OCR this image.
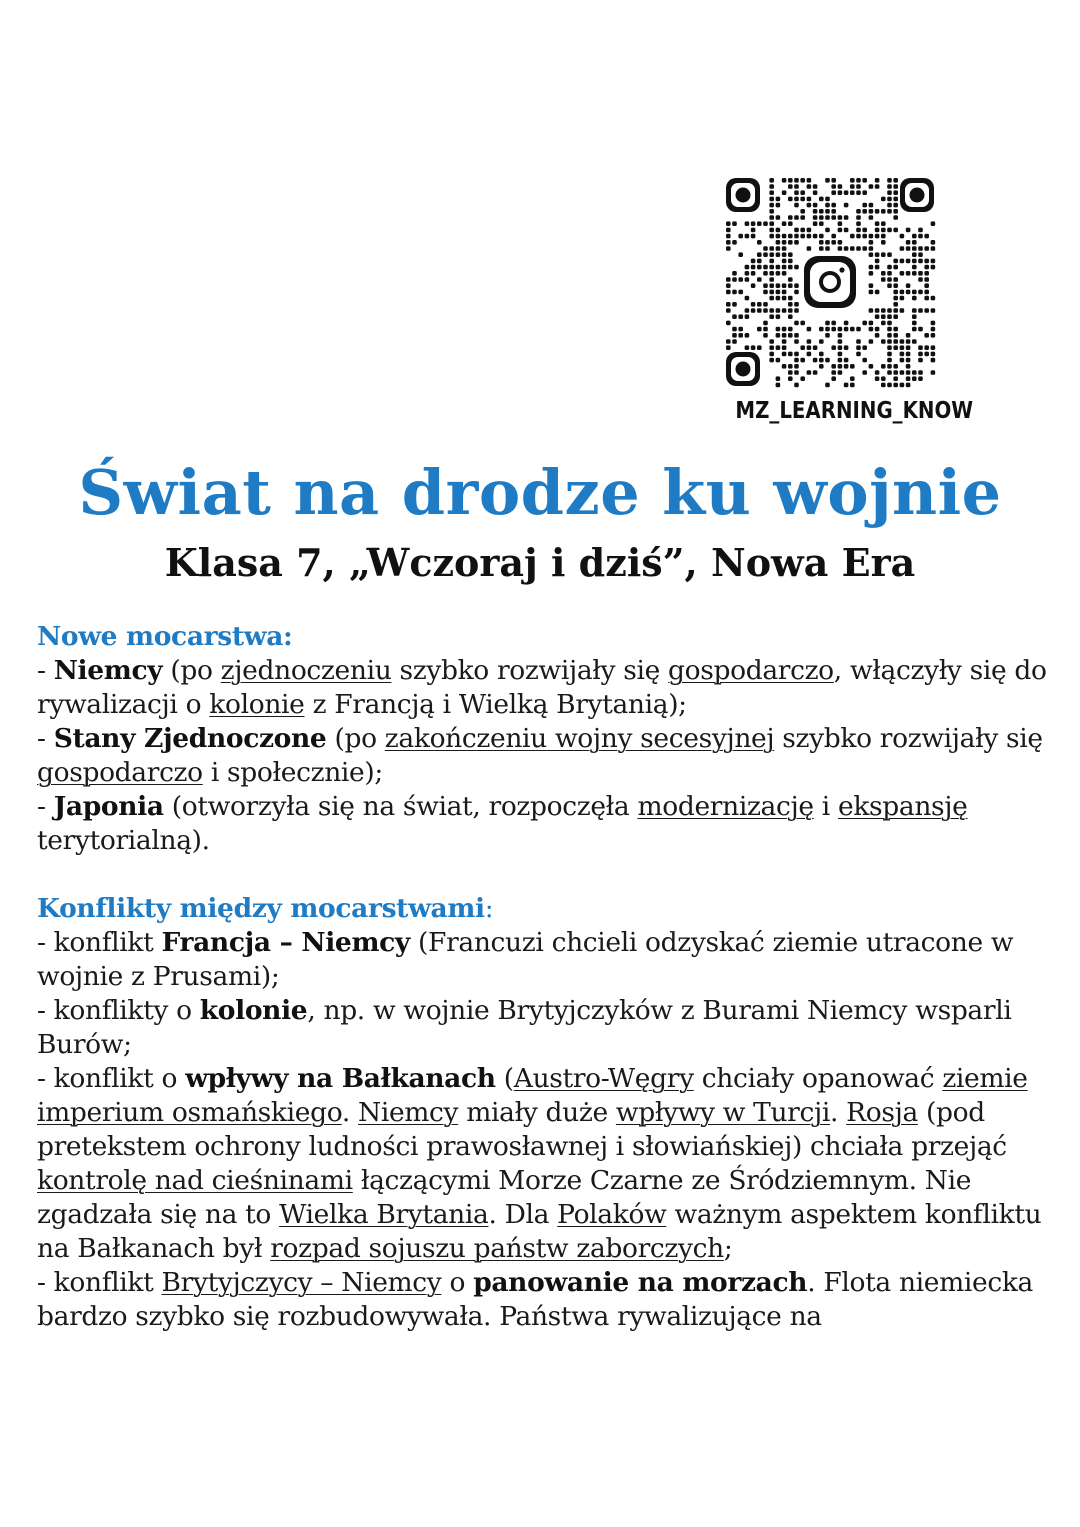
MZ_LEARNING_KNOW
Świat na drodze ku wojnie
Klasa 7, „Wczoraj i dziś”, Nowa Era
Nowe mocarstwa:

- Niemcy (po zjednoczeniu szybko rozwijały się gospodarczo, włączyły się do rywalizacji o kolonie z Francją i Wielką Brytanią);

- Stany Zjednoczone (po zakończeniu wojny secesyjnej szybko rozwijały się gospodarczo i społecznie);

- Japonia (otworzyła się na świat, rozpoczęła modernizację i ekspansję terytorialną).

Konflikty między mocarstwami:

- konflikt Francja – Niemcy (Francuzi chcieli odzyskać ziemie utracone w wojnie z Prusami);

- konflikty o kolonie, np. w wojnie Brytyjczyków z Burami Niemcy wsparli Burów;

- konflikt o wpływy na Bałkanach (Austro-Węgry chciały opanować ziemie imperium osmańskiego. Niemcy miały duże wpływy w Turcji. Rosja (pod pretekstem ochrony ludności prawosławnej i słowiańskiej) chciała przejąć kontrolę nad cieśninami łączącymi Morze Czarne ze Śródziemnym. Nie zgadzała się na to Wielka Brytania. Dla Polaków ważnym aspektem konfliktu na Bałkanach był rozpad sojuszu państw zaborczych;

- konflikt Brytyjczycy – Niemcy o panowanie na morzach. Flota niemiecka bardzo szybko się rozbudowywała. Państwa rywalizujące na
